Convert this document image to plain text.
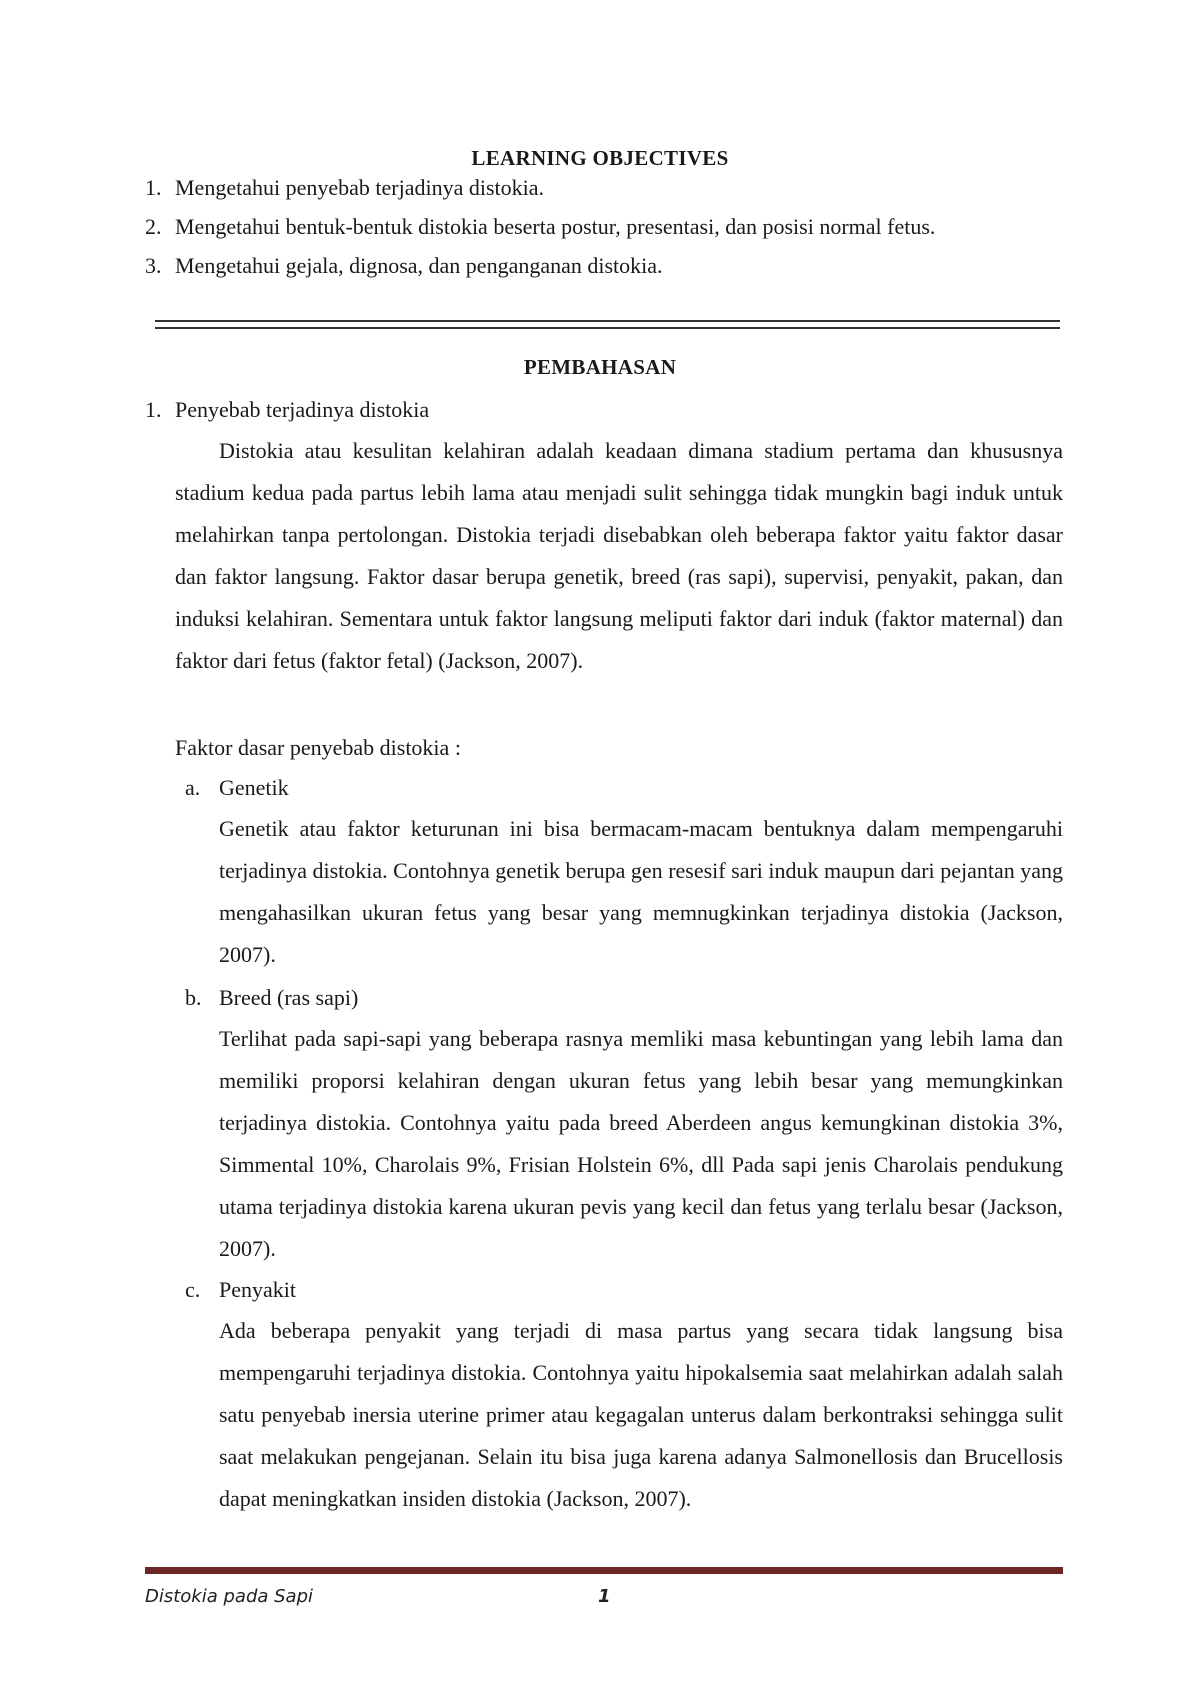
LEARNING OBJECTIVES
1. Mengetahui penyebab terjadinya distokia.
2. Mengetahui bentuk-bentuk distokia beserta postur, presentasi, dan posisi normal fetus.
3. Mengetahui gejala, dignosa, dan penganganan distokia.
PEMBAHASAN
1. Penyebab terjadinya distokia

Distokia atau kesulitan kelahiran adalah keadaan dimana stadium pertama dan khususnya stadium kedua pada partus lebih lama atau menjadi sulit sehingga tidak mungkin bagi induk untuk melahirkan tanpa pertolongan. Distokia terjadi disebabkan oleh beberapa faktor yaitu faktor dasar dan faktor langsung. Faktor dasar berupa genetik, breed (ras sapi), supervisi, penyakit, pakan, dan induksi kelahiran. Sementara untuk faktor langsung meliputi faktor dari induk (faktor maternal) dan faktor dari fetus (faktor fetal) (Jackson, 2007).

Faktor dasar penyebab distokia :
a. Genetik

Genetik atau faktor keturunan ini bisa bermacam-macam bentuknya dalam mempengaruhi terjadinya distokia. Contohnya genetik berupa gen resesif sari induk maupun dari pejantan yang mengahasilkan ukuran fetus yang besar yang memnugkinkan terjadinya distokia (Jackson, 2007).

b. Breed (ras sapi)

Terlihat pada sapi-sapi yang beberapa rasnya memliki masa kebuntingan yang lebih lama dan memiliki proporsi kelahiran dengan ukuran fetus yang lebih besar yang memungkinkan terjadinya distokia. Contohnya yaitu pada breed Aberdeen angus kemungkinan distokia 3%, Simmental 10%, Charolais 9%, Frisian Holstein 6%, dll Pada sapi jenis Charolais pendukung utama terjadinya distokia karena ukuran pevis yang kecil dan fetus yang terlalu besar (Jackson, 2007).

c. Penyakit

Ada beberapa penyakit yang terjadi di masa partus yang secara tidak langsung bisa mempengaruhi terjadinya distokia. Contohnya yaitu hipokalsemia saat melahirkan adalah salah satu penyebab inersia uterine primer atau kegagalan unterus dalam berkontraksi sehingga sulit saat melakukan pengejanan. Selain itu bisa juga karena adanya Salmonellosis dan Brucellosis dapat meningkatkan insiden distokia (Jackson, 2007).

Distokia pada Sapi	1
